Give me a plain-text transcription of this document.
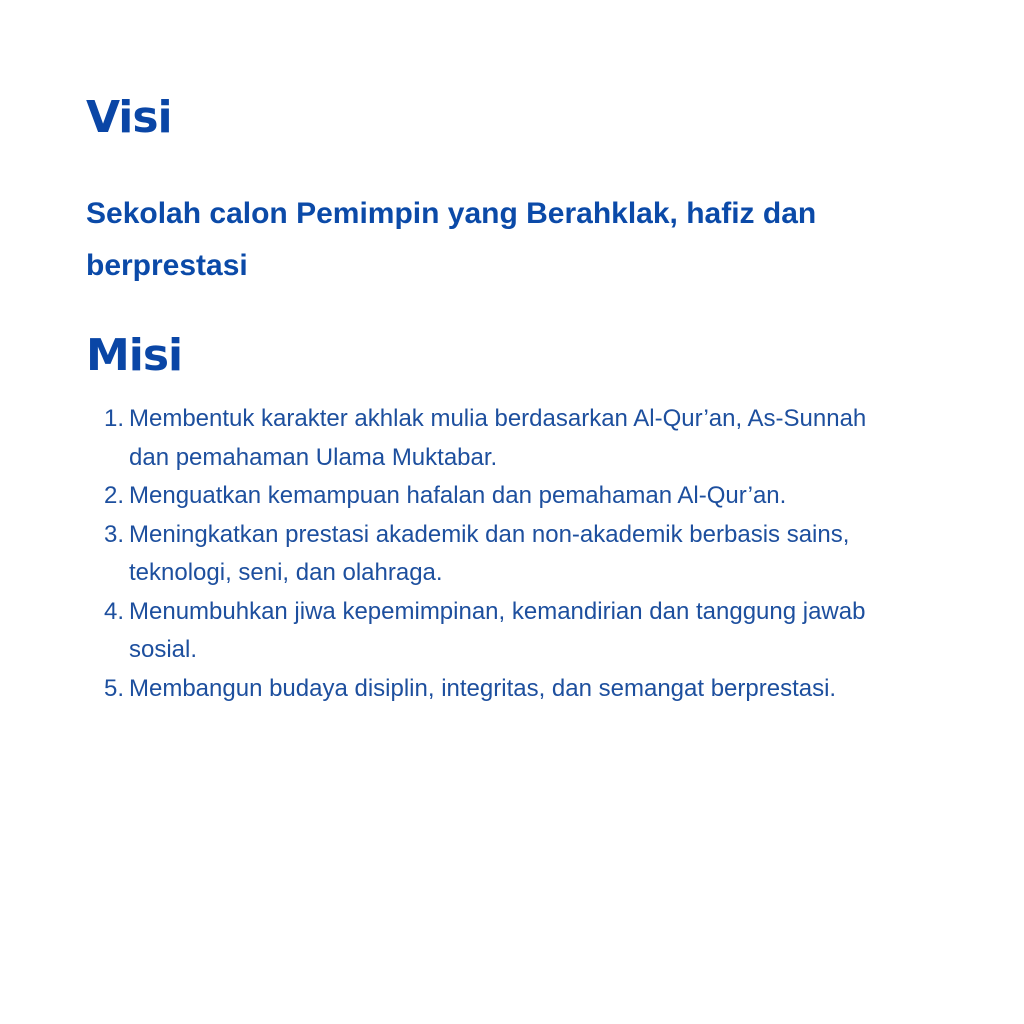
Visi

Sekolah calon Pemimpin yang Berahklak, hafiz dan berprestasi

Misi
1. Membentuk karakter akhlak mulia berdasarkan Al-Qur’an, As-Sunnah dan pemahaman Ulama Muktabar.
2. Menguatkan kemampuan hafalan dan pemahaman Al-Qur’an.
3. Meningkatkan prestasi akademik dan non-akademik berbasis sains, teknologi, seni, dan olahraga.
4. Menumbuhkan jiwa kepemimpinan, kemandirian dan tanggung jawab sosial.
5. Membangun budaya disiplin, integritas, dan semangat berprestasi.
